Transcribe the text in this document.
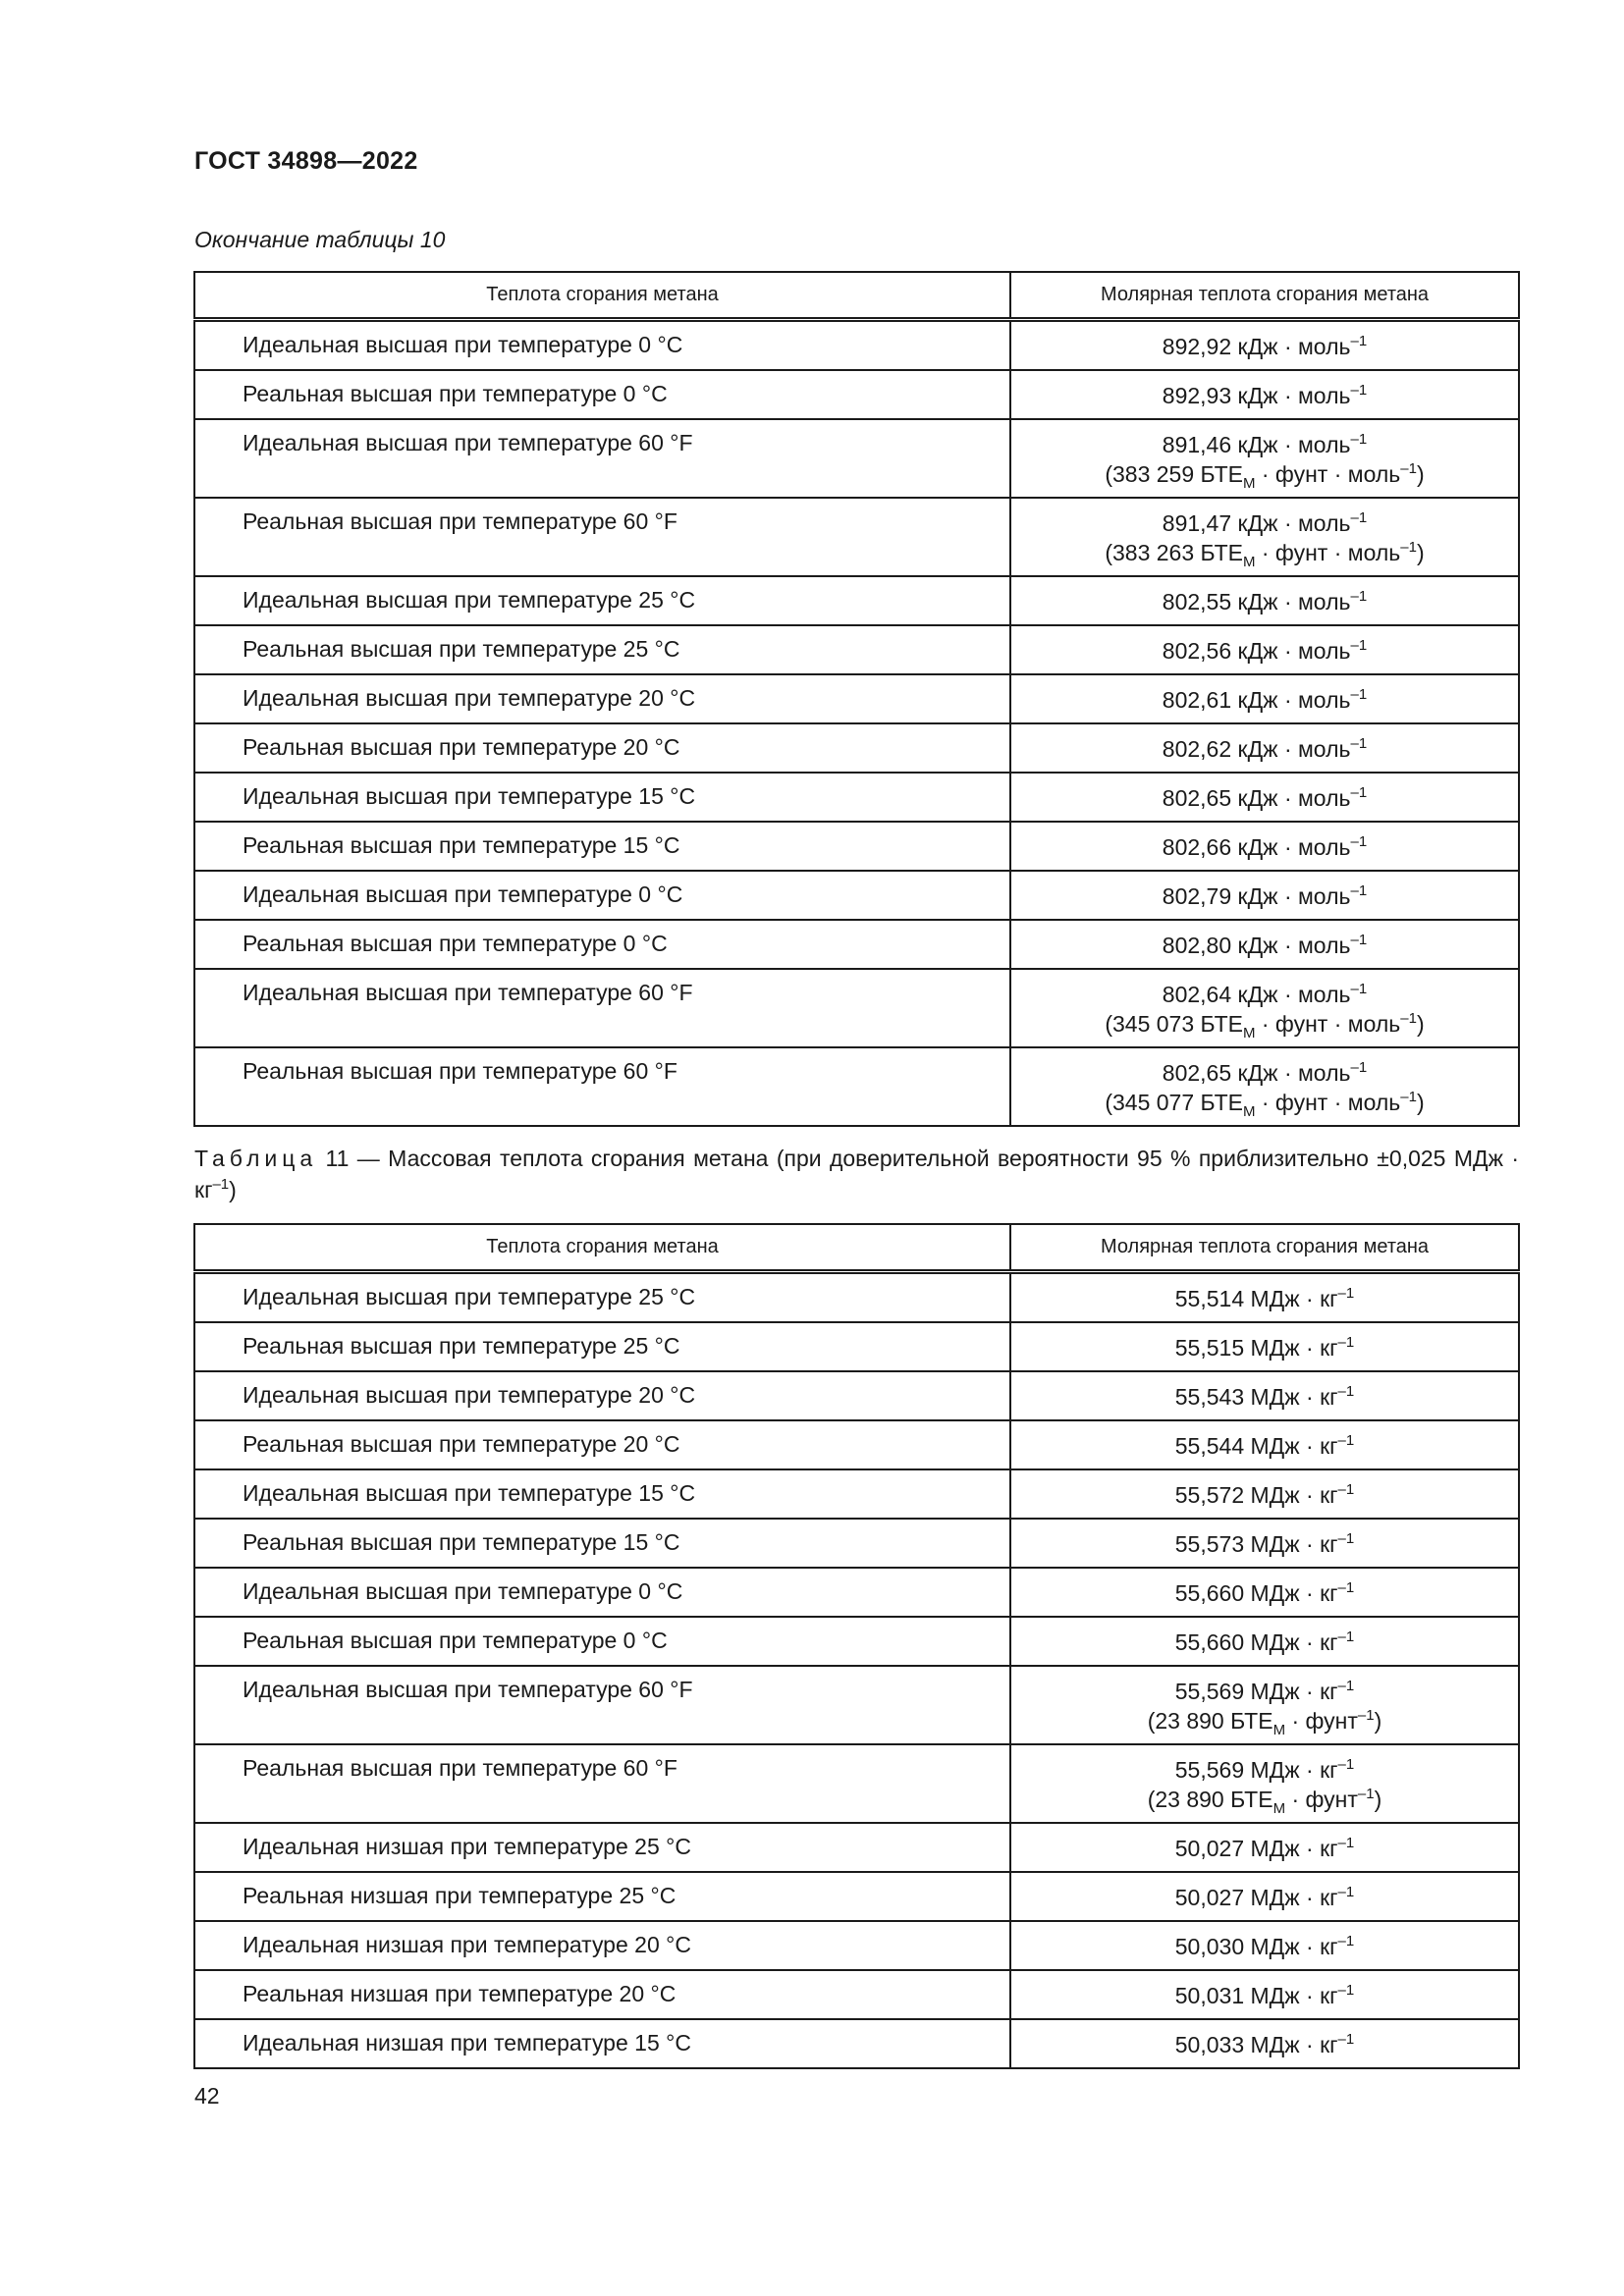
ГОСТ 34898—2022
Окончание таблицы 10
Теплота сгорания метана	Молярная теплота сгорания метана
Идеальная высшая при температуре 0 °С	892,92 кДж · моль$^{-1}$

Реальная высшая при температуре 0 °С	892,93 кДж · моль$^{-1}$

Идеальная высшая при температуре 60 °F	891,46 кДж · моль$^{-1}$
(383 259 $БТЕ_М$ · фунт · моль$^{-1}$)

Реальная высшая при температуре 60 °F	891,47 кДж · моль$^{-1}$
(383 263 $БТЕ_М$ · фунт · моль$^{-1}$)

Идеальная высшая при температуре 25 °С	802,55 кДж · моль$^{-1}$

Реальная высшая при температуре 25 °С	802,56 кДж · моль$^{-1}$

Идеальная высшая при температуре 20 °С	802,61 кДж · моль$^{-1}$

Реальная высшая при температуре 20 °С	802,62 кДж · моль$^{-1}$

Идеальная высшая при температуре 15 °С	802,65 кДж · моль$^{-1}$

Реальная высшая при температуре 15 °С	802,66 кДж · моль$^{-1}$

Идеальная высшая при температуре 0 °С	802,79 кДж · моль$^{-1}$

Реальная высшая при температуре 0 °С	802,80 кДж · моль$^{-1}$

Идеальная высшая при температуре 60 °F	802,64 кДж · моль$^{-1}$
(345 073 $БТЕ_М$ · фунт · моль$^{-1}$)

Реальная высшая при температуре 60 °F	802,65 кДж · моль$^{-1}$
(345 077 $БТЕ_М$ · фунт · моль$^{-1}$)
Таблица 11 — Массовая теплота сгорания метана (при доверительной вероятности 95 % приблизительно ±0,025 МДж · $кг^{-1}$)
Теплота сгорания метана	Молярная теплота сгорания метана
Идеальная высшая при температуре 25 °С	55,514 МДж · $кг^{-1}$

Реальная высшая при температуре 25 °С	55,515 МДж · $кг^{-1}$

Идеальная высшая при температуре 20 °С	55,543 МДж · $кг^{-1}$

Реальная высшая при температуре 20 °С	55,544 МДж · $кг^{-1}$

Идеальная высшая при температуре 15 °С	55,572 МДж · $кг^{-1}$

Реальная высшая при температуре 15 °С	55,573 МДж · $кг^{-1}$

Идеальная высшая при температуре 0 °С	55,660 МДж · $кг^{-1}$

Реальная высшая при температуре 0 °С	55,660 МДж · $кг^{-1}$

Идеальная высшая при температуре 60 °F	55,569 МДж · $кг^{-1}$
(23 890 $БТЕ_М$ · фунт$^{-1}$)

Реальная высшая при температуре 60 °F	55,569 МДж · $кг^{-1}$
(23 890 $БТЕ_М$ · фунт$^{-1}$)

Идеальная низшая при температуре 25 °С	50,027 МДж · $кг^{-1}$

Реальная низшая при температуре 25 °С	50,027 МДж · $кг^{-1}$

Идеальная низшая при температуре 20 °С	50,030 МДж · $кг^{-1}$

Реальная низшая при температуре 20 °С	50,031 МДж · $кг^{-1}$

Идеальная низшая при температуре 15 °С	50,033 МДж · $кг^{-1}$
42
